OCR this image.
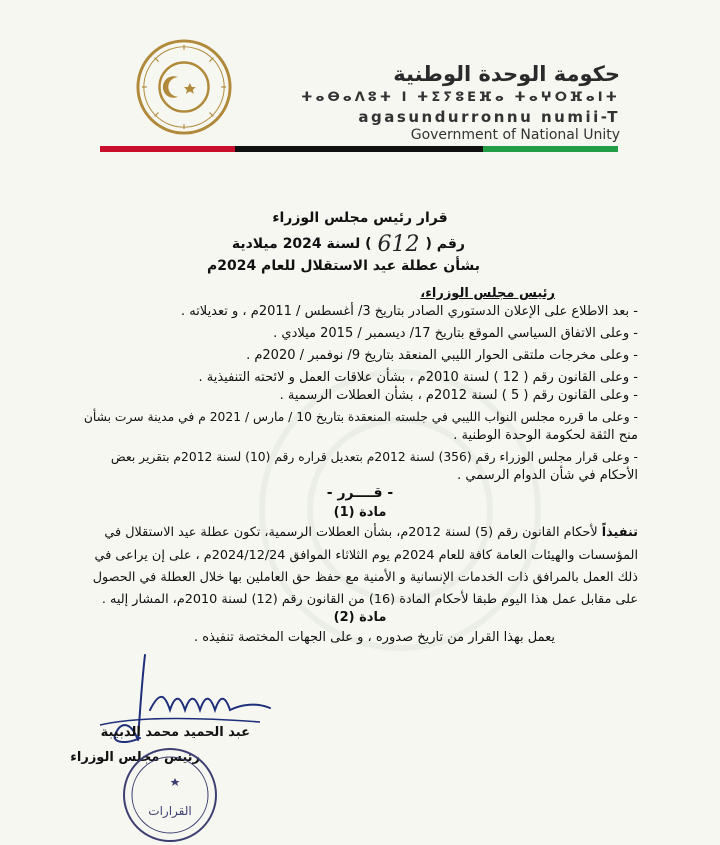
حكومة الوحدة الوطنية
ⵜⴰⴱⴰⴷⵓⵜ ⵏ ⵜⵉⵢⵓⴹⴼⴰ ⵜⴰⵖⵔⴼⴰⵏⵜ
agasundurronnu numii-T
Government of National Unity
قرار رئيس مجلس الوزراء
رقم (612) لسنة 2024 ميلادية
بشأن عطلة عيد الاستقلال للعام 2024م
رئيس مجلس الوزراء،
- بعد الاطلاع على الإعلان الدستوري الصادر بتاريخ 3/ أغسطس / 2011م ، و تعديلاته .
- وعلى الاتفاق السياسي الموقع بتاريخ 17/ ديسمبر / 2015 ميلادي .
- وعلى مخرجات ملتقى الحوار الليبي المنعقد بتاريخ 9/ نوفمبر / 2020م .
- وعلى القانون رقم ( 12 ) لسنة 2010م ، بشأن علاقات العمل و لائحته التنفيذية .
- وعلى القانون رقم ( 5 ) لسنة 2012م ، بشأن العطلات الرسمية .
- وعلى ما قرره مجلس النواب الليبي في جلسته المنعقدة بتاريخ 10 / مارس / 2021 م في مدينة سرت بشأن
منح الثقة لحكومة الوحدة الوطنية .
- وعلى قرار مجلس الوزراء رقم (356) لسنة 2012م بتعديل قراره رقم (10) لسنة 2012م بتقرير بعض
الأحكام في شأن الدوام الرسمي .
- قــــرر -
مادة (1)
تنفيذاً لأحكام القانون رقم (5) لسنة 2012م، بشأن العطلات الرسمية، تكون عطلة عيد الاستقلال في
المؤسسات والهيئات العامة كافة للعام 2024م يوم الثلاثاء الموافق 2024/12/24م ، على إن يراعى في
ذلك العمل بالمرافق ذات الخدمات الإنسانية و الأمنية مع حفظ حق العاملين بها خلال العطلة في الحصول
على مقابل عمل هذا اليوم طبقا لأحكام المادة (16) من القانون رقم (12) لسنة 2010م، المشار إليه .
مادة (2)
يعمل بهذا القرار من تاريخ صدوره ، و على الجهات المختصة تنفيذه .
عبد الحميد محمد الدبيبة
رئيس مجلس الوزراء
القرارات
